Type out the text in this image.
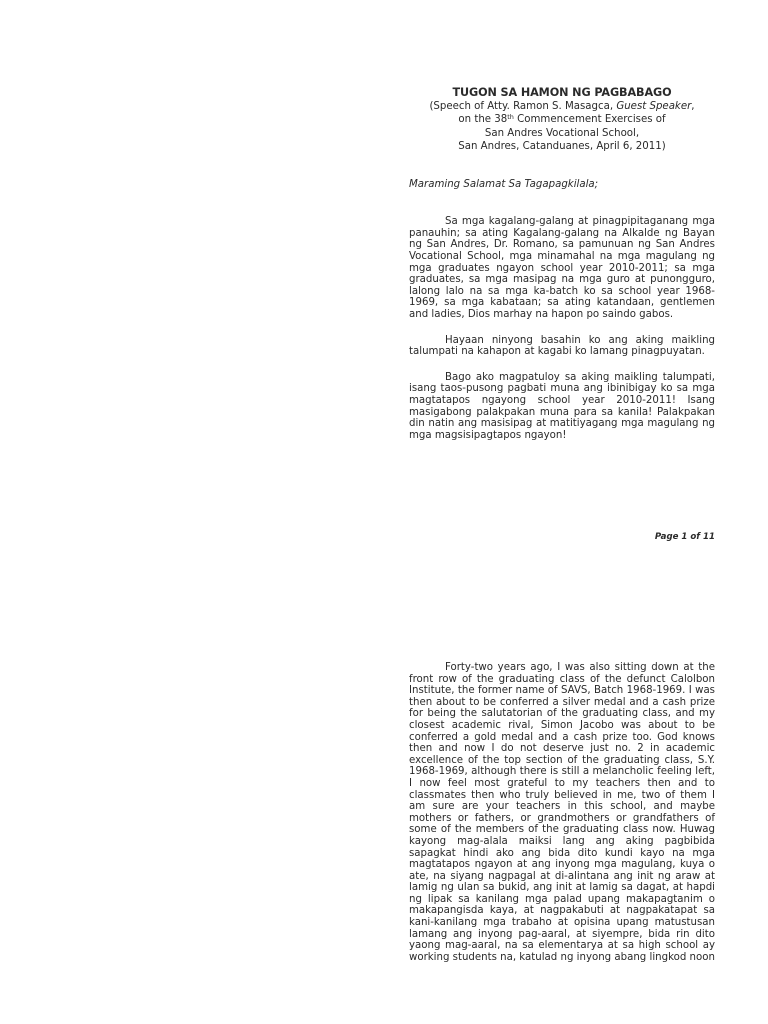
TUGON SA HAMON NG PAGBABAGO
(Speech of Atty. Ramon S. Masagca, Guest Speaker,
on the 38th Commencement Exercises of
San Andres Vocational School,
San Andres, Catanduanes, April 6, 2011)
Maraming Salamat Sa Tagapagkilala;

Sa mga kagalang-galang at pinagpipitaganang mga panauhin; sa ating Kagalang-galang na Alkalde ng Bayan ng San Andres, Dr. Romano, sa pamunuan ng San Andres Vocational School, mga minamahal na mga magulang ng mga graduates ngayon school year 2010-2011; sa mga graduates, sa mga masipag na mga guro at punongguro, lalong lalo na sa mga ka-batch ko sa school year 1968-1969, sa mga kabataan; sa ating katandaan, gentlemen and ladies, Dios marhay na hapon po saindo gabos.

Hayaan ninyong basahin ko ang aking maikling talumpati na kahapon at kagabi ko lamang pinagpuyatan.

Bago ako magpatuloy sa aking maikling talumpati, isang taos-pusong pagbati muna ang ibinibigay ko sa mga magtatapos ngayong school year 2010-2011! Isang masigabong palakpakan muna para sa kanila! Palakpakan din natin ang masisipag at matitiyagang mga magulang ng mga magsisipagtapos ngayon!

Page 1 of 11

Forty-two years ago, I was also sitting down at the front row of the graduating class of the defunct Calolbon Institute, the former name of SAVS, Batch 1968-1969. I was then about to be conferred a silver medal and a cash prize for being the salutatorian of the graduating class, and my closest academic rival, Simon Jacobo was about to be conferred a gold medal and a cash prize too. God knows then and now I do not deserve just no. 2 in academic excellence of the top section of the graduating class, S.Y. 1968-1969, although there is still a melancholic feeling left, I now feel most grateful to my teachers then and to classmates then who truly believed in me, two of them I am sure are your teachers in this school, and maybe mothers or fathers, or grandmothers or grandfathers of some of the members of the graduating class now. Huwag kayong mag-alala maiksi lang ang aking pagbibida sapagkat hindi ako ang bida dito kundi kayo na mga magtatapos ngayon at ang inyong mga magulang, kuya o ate, na siyang nagpagal at di-alintana ang init ng araw at lamig ng ulan sa bukid, ang init at lamig sa dagat, at hapdi ng lipak sa kanilang mga palad upang makapagtanim o makapangisda kaya, at nagpakabuti at nagpakatapat sa kani-kanilang mga trabaho at opisina upang matustusan lamang ang inyong pag-aaral, at siyempre, bida rin dito yaong mag-aaral, na sa elementarya at sa high school ay working students na, katulad ng inyong abang lingkod noon
